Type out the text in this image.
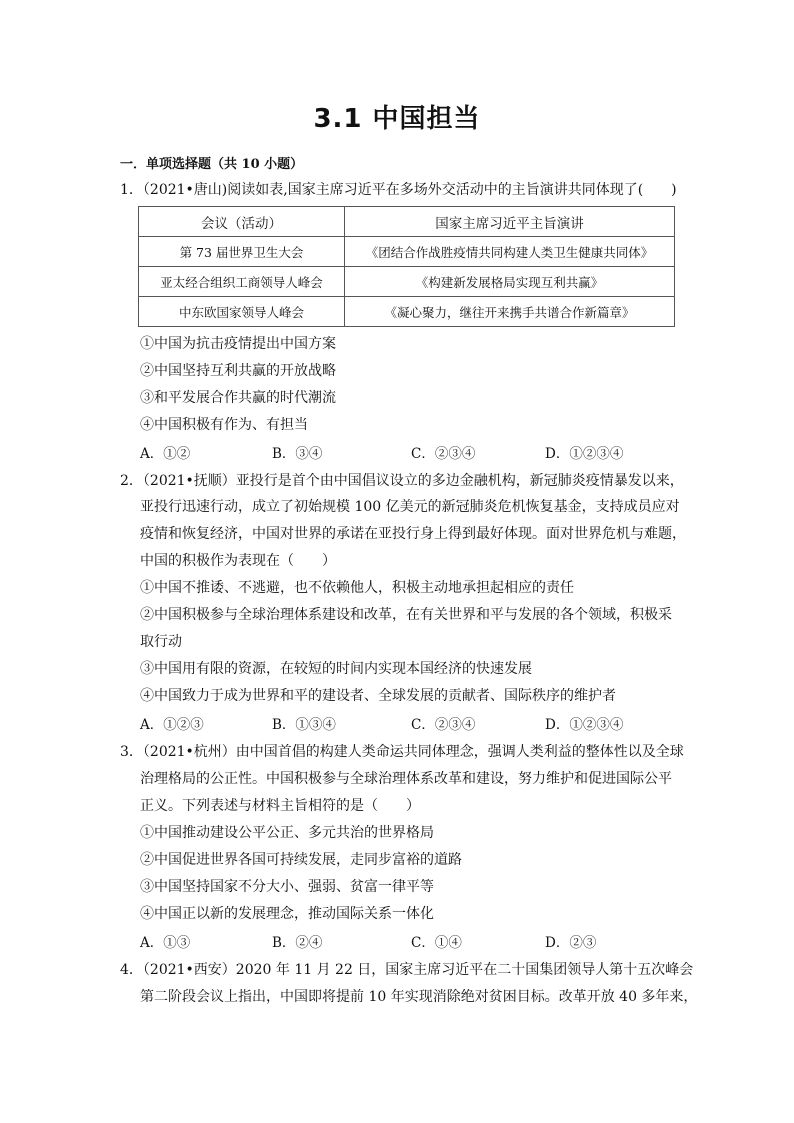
3.1 中国担当
一．单项选择题（共 10 小题）
1．（2021•唐山)阅读如表,国家主席习近平在多场外交活动中的主旨演讲共同体现了(　　)
会议（活动）	国家主席习近平主旨演讲
第 73 届世界卫生大会	《团结合作战胜疫情共同构建人类卫生健康共同体》
亚太经合组织工商领导人峰会	《构建新发展格局实现互利共赢》
中东欧国家领导人峰会	《凝心聚力，继往开来携手共谱合作新篇章》
①中国为抗击疫情提出中国方案
②中国坚持互利共赢的开放战略
③和平发展合作共赢的时代潮流
④中国积极有作为、有担当
A．①②	B．③④	C．②③④	D．①②③④
2．（2021•抚顺）亚投行是首个由中国倡议设立的多边金融机构，新冠肺炎疫情暴发以来，
亚投行迅速行动，成立了初始规模 100 亿美元的新冠肺炎危机恢复基金，支持成员应对
疫情和恢复经济，中国对世界的承诺在亚投行身上得到最好体现。面对世界危机与难题，
中国的积极作为表现在（　　）
①中国不推诿、不逃避，也不依赖他人，积极主动地承担起相应的责任
②中国积极参与全球治理体系建设和改革，在有关世界和平与发展的各个领域，积极采
取行动
③中国用有限的资源，在较短的时间内实现本国经济的快速发展
④中国致力于成为世界和平的建设者、全球发展的贡献者、国际秩序的维护者
A．①②③	B．①③④	C．②③④	D．①②③④
3．（2021•杭州）由中国首倡的构建人类命运共同体理念，强调人类利益的整体性以及全球
治理格局的公正性。中国积极参与全球治理体系改革和建设，努力维护和促进国际公平
正义。下列表述与材料主旨相符的是（　　）
①中国推动建设公平公正、多元共治的世界格局
②中国促进世界各国可持续发展，走同步富裕的道路
③中国坚持国家不分大小、强弱、贫富一律平等
④中国正以新的发展理念，推动国际关系一体化
A．①③	B．②④	C．①④	D．②③
4．（2021•西安）2020 年 11 月 22 日，国家主席习近平在二十国集团领导人第十五次峰会
第二阶段会议上指出，中国即将提前 10 年实现消除绝对贫困目标。改革开放 40 多年来，
